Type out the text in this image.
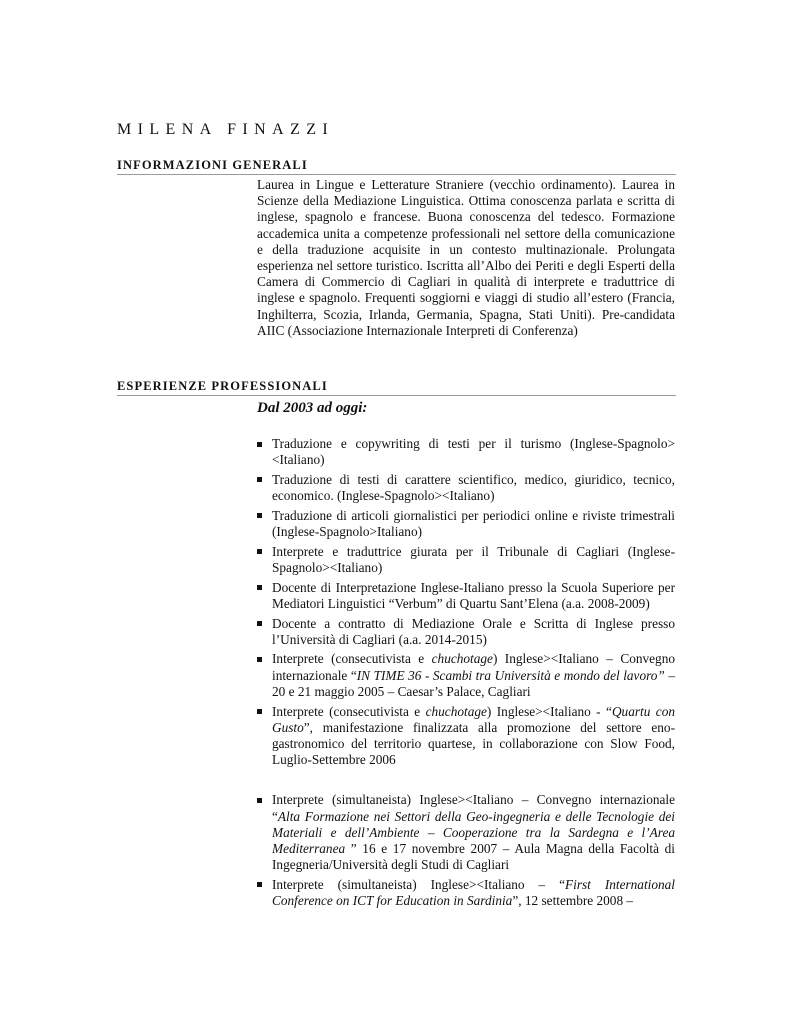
MILENA FINAZZI
INFORMAZIONI GENERALI
Laurea in Lingue e Letterature Straniere (vecchio ordinamento). Laurea in Scienze della Mediazione Linguistica. Ottima conoscenza parlata e scritta di inglese, spagnolo e francese. Buona conoscenza del tedesco. Formazione accademica unita a competenze professionali nel settore della comunicazione e della traduzione acquisite in un contesto multinazionale. Prolungata esperienza nel settore turistico. Iscritta all’Albo dei Periti e degli Esperti della Camera di Commercio di Cagliari in qualità di interprete e traduttrice di inglese e spagnolo. Frequenti soggiorni e viaggi di studio all’estero (Francia, Inghilterra, Scozia, Irlanda, Germania, Spagna, Stati Uniti). Pre-candidata AIIC (Associazione Internazionale Interpreti di Conferenza)
ESPERIENZE PROFESSIONALI
Dal 2003 ad oggi:
Traduzione e copywriting di testi per il turismo (Inglese-Spagnolo><Italiano)
Traduzione di testi di carattere scientifico, medico, giuridico, tecnico, economico. (Inglese-Spagnolo><Italiano)
Traduzione di articoli giornalistici per periodici online e riviste trimestrali (Inglese-Spagnolo>Italiano)
Interprete e traduttrice giurata per il Tribunale di Cagliari (Inglese-Spagnolo><Italiano)
Docente di Interpretazione Inglese-Italiano presso la Scuola Superiore per Mediatori Linguistici “Verbum” di Quartu Sant’Elena (a.a. 2008-2009)
Docente a contratto di Mediazione Orale e Scritta di Inglese presso l’Università di Cagliari (a.a. 2014-2015)
Interprete (consecutivista e chuchotage) Inglese><Italiano – Convegno internazionale “IN TIME 36 - Scambi tra Università e mondo del lavoro” – 20 e 21 maggio 2005 – Caesar’s Palace, Cagliari
Interprete (consecutivista e chuchotage) Inglese><Italiano - “Quartu con Gusto”, manifestazione finalizzata alla promozione del settore eno-gastronomico del territorio quartese, in collaborazione con Slow Food, Luglio-Settembre 2006
Interprete (simultaneista) Inglese><Italiano – Convegno internazionale “Alta Formazione nei Settori della Geo-ingegneria e delle Tecnologie dei Materiali e dell’Ambiente – Cooperazione tra la Sardegna e l’Area Mediterranea ” 16 e 17 novembre 2007 – Aula Magna della Facoltà di Ingegneria/Università degli Studi di Cagliari
Interprete (simultaneista) Inglese><Italiano – “First International Conference on ICT for Education in Sardinia”, 12 settembre 2008 –
